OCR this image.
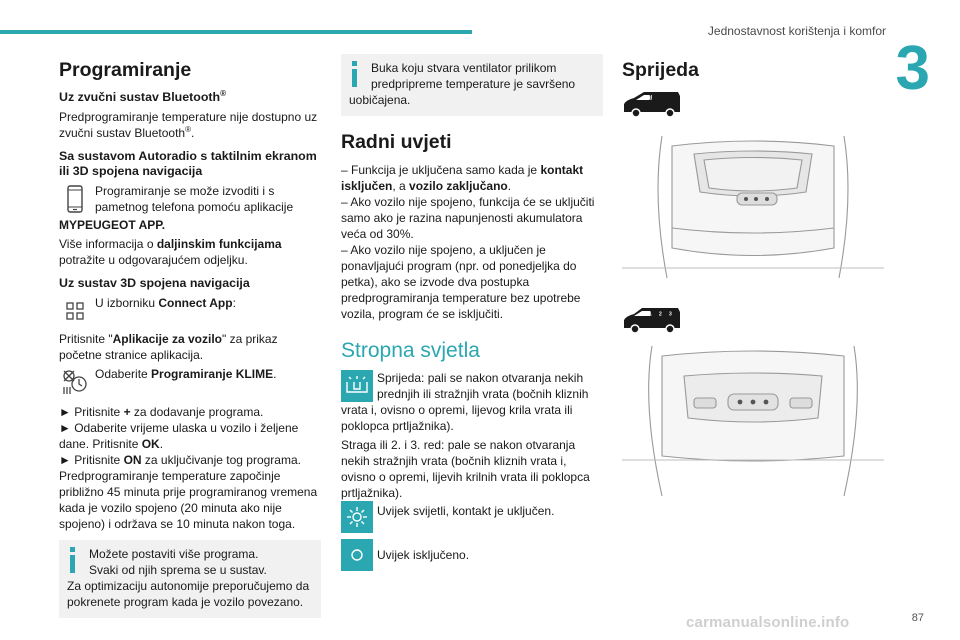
Jednostavnost korištenja i komfor
3
Programiranje
Uz zvučni sustav Bluetooth®

Predprogramiranje temperature nije dostupno uz zvučni sustav Bluetooth®.

Sa sustavom Autoradio s taktilnim ekranom ili 3D spojena navigacija

Programiranje se može izvoditi i s pametnog telefona pomoću aplikacije

MYPEUGEOT APP.

Više informacija o daljinskim funkcijama potražite u odgovarajućem odjeljku.

Uz sustav 3D spojena navigacija

U izborniku Connect App:

Pritisnite "Aplikacije za vozilo" za prikaz početne stranice aplikacija.

Odaberite Programiranje KLIME.

► Pritisnite + za dodavanje programa.

► Odaberite vrijeme ulaska u vozilo i željene dane. Pritisnite OK.

► Pritisnite ON za uključivanje tog programa.

Predprogramiranje temperature započinje približno 45 minuta prije programiranog vremena kada je vozilo spojeno (20 minuta ako nije spojeno) i održava se 10 minuta nakon toga.

Možete postaviti više programa.

Svaki od njih sprema se u sustav.

Za optimizaciju autonomije preporučujemo da pokrenete program kada je vozilo povezano.

Buka koju stvara ventilator prilikom predpripreme temperature je savršeno uobičajena.

Radni uvjeti

– Funkcija je uključena samo kada je kontakt isključen, a vozilo zaključano.

– Ako vozilo nije spojeno, funkcija će se uključiti samo ako je razina napunjenosti akumulatora veća od 30%.

– Ako vozilo nije spojeno, a uključen je ponavljajući program (npr. od ponedjeljka do petka), ako se izvode dva postupka predprogramiranja temperature bez upotrebe vozila, program će se isključiti.

Stropna svjetla

Sprijeda: pali se nakon otvaranja nekih prednjih ili stražnjih vrata (bočnih kliznih vrata i, ovisno o opremi, lijevog krila vrata ili poklopca prtljažnika).

Straga ili 2. i 3. red: pale se nakon otvaranja nekih stražnjih vrata (bočnih kliznih vrata i, ovisno o opremi, lijevih krilnih vrata ili poklopca prtljažnika).

Uvijek svijetli, kontakt je uključen.

Uvijek isključeno.

Sprijeda
1
1 2 3
carmanualsonline.info	87
